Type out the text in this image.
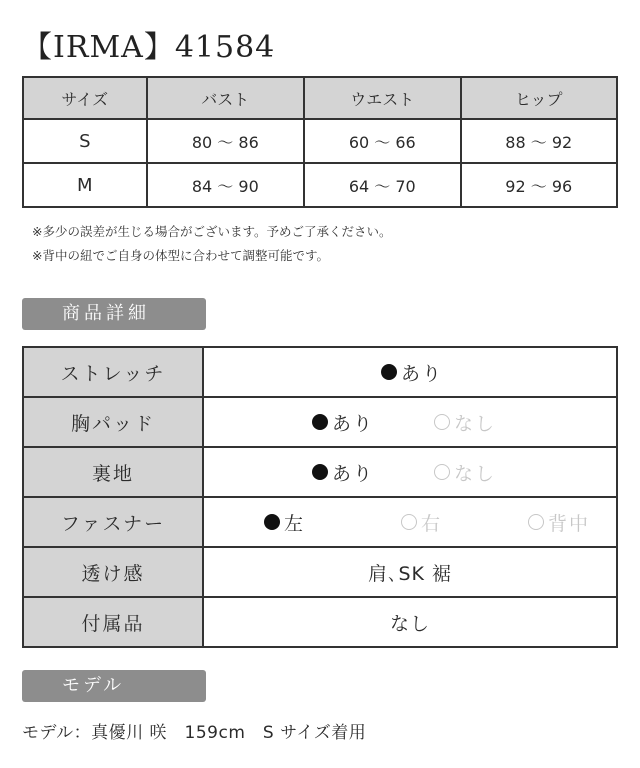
【IRMA】41584
サイズ	バスト	ウエスト	ヒップ
S	80 〜 86	60 〜 66	88 〜 92
M	84 〜 90	64 〜 70	92 〜 96
※多少の誤差が生じる場合がございます。予めご了承ください。
※背中の紐でご自身の体型に合わせて調整可能です。
商品詳細
ストレッチ	あり

胸パッド	あり なし

裏地	あり なし

ファスナー	左 右 背中

透け感	肩､SK 裾
付属品	なし
モデル
モデル：真優川 咲　159cm　S サイズ着用
